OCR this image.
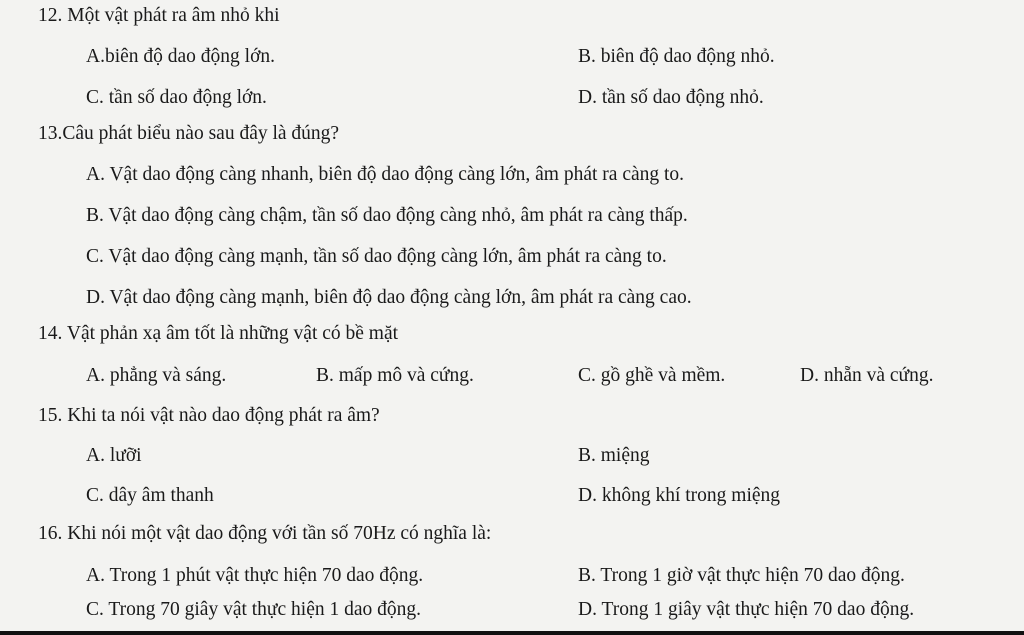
12. Một vật phát ra âm nhỏ khi
A.biên độ dao động lớn.	B. biên độ dao động nhỏ.
C. tần số dao động lớn.	D. tần số dao động nhỏ.
13.Câu phát biểu nào sau đây là đúng?
A. Vật dao động càng nhanh, biên độ dao động càng lớn, âm phát ra càng to.
B. Vật dao động càng chậm, tần số dao động càng nhỏ, âm phát ra càng thấp.
C. Vật dao động càng mạnh, tần số dao động càng lớn, âm phát ra càng to.
D. Vật dao động càng mạnh, biên độ dao động càng lớn, âm phát ra càng cao.
14. Vật phản xạ âm tốt là những vật có bề mặt
A. phẳng và sáng.	B. mấp mô và cứng.	C. gồ ghề và mềm.	D. nhẵn và cứng.
15. Khi ta nói vật nào dao động phát ra âm?
A. lưỡi	B. miệng
C. dây âm thanh	D. không khí trong miệng
16. Khi nói một vật dao động với tần số 70Hz có nghĩa là:
A. Trong 1 phút vật thực hiện 70 dao động.	B. Trong 1 giờ vật thực hiện 70 dao động.
C. Trong 70 giây vật thực hiện 1 dao động.	D. Trong 1 giây vật thực hiện 70 dao động.
